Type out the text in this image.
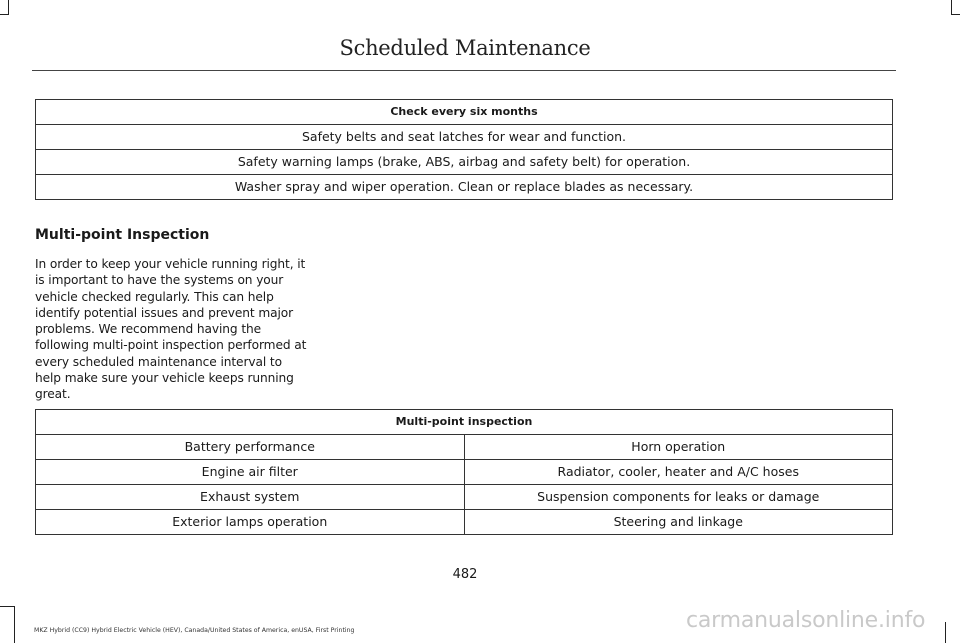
Scheduled Maintenance
Check every six months
Safety belts and seat latches for wear and function.
Safety warning lamps (brake, ABS, airbag and safety belt) for operation.
Washer spray and wiper operation. Clean or replace blades as necessary.
Multi-point Inspection
In order to keep your vehicle running right, it is important to have the systems on your vehicle checked regularly. This can help identify potential issues and prevent major problems. We recommend having the following multi-point inspection performed at every scheduled maintenance interval to help make sure your vehicle keeps running great.
Multi-point inspection	
Battery performance	Horn operation
Engine air filter	Radiator, cooler, heater and A/C hoses
Exhaust system	Suspension components for leaks or damage
Exterior lamps operation	Steering and linkage
482
MKZ Hybrid (CC9) Hybrid Electric Vehicle (HEV), Canada/United States of America, enUSA, First Printing	carmanualsonline.info
